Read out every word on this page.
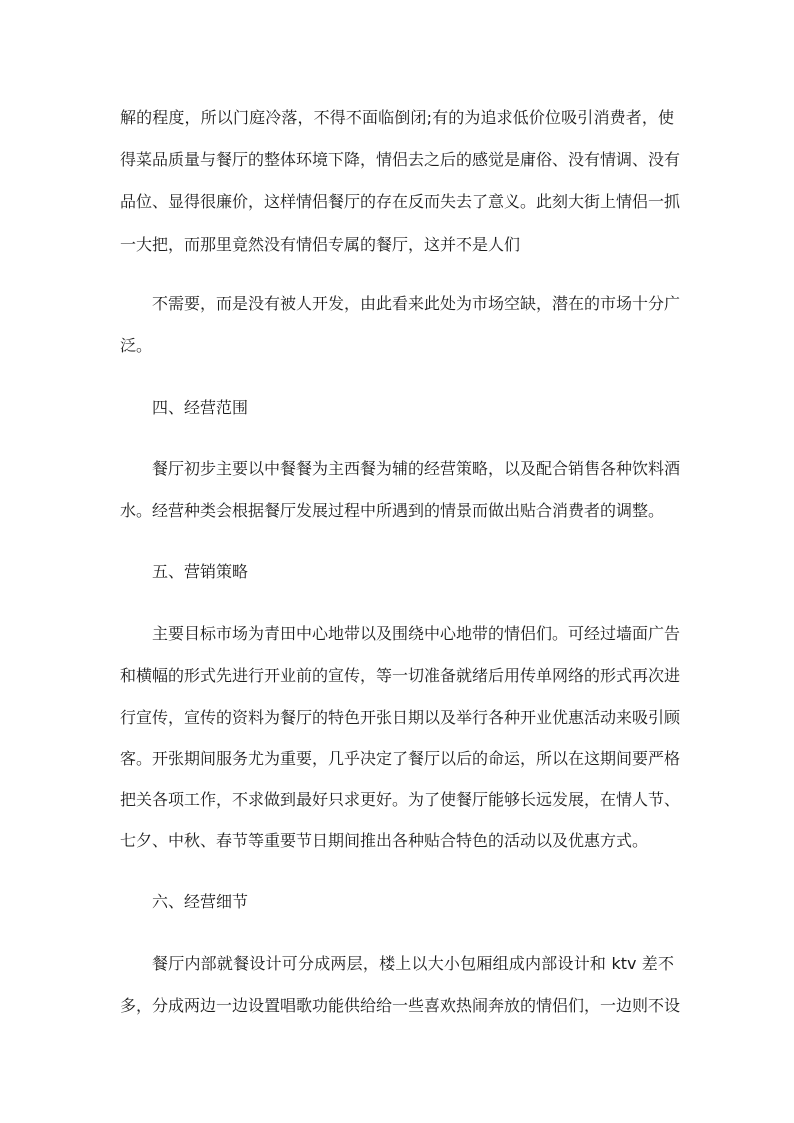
解的程度，所以门庭冷落，不得不面临倒闭;有的为追求低价位吸引消费者，使

得菜品质量与餐厅的整体环境下降，情侣去之后的感觉是庸俗、没有情调、没有

品位、显得很廉价，这样情侣餐厅的存在反而失去了意义。此刻大街上情侣一抓

一大把，而那里竟然没有情侣专属的餐厅，这并不是人们

不需要，而是没有被人开发，由此看来此处为市场空缺，潜在的市场十分广

泛。

四、经营范围

餐厅初步主要以中餐餐为主西餐为辅的经营策略，以及配合销售各种饮料酒

水。经营种类会根据餐厅发展过程中所遇到的情景而做出贴合消费者的调整。

五、营销策略

主要目标市场为青田中心地带以及围绕中心地带的情侣们。可经过墙面广告

和横幅的形式先进行开业前的宣传，等一切准备就绪后用传单网络的形式再次进

行宣传，宣传的资料为餐厅的特色开张日期以及举行各种开业优惠活动来吸引顾

客。开张期间服务尤为重要，几乎决定了餐厅以后的命运，所以在这期间要严格

把关各项工作，不求做到最好只求更好。为了使餐厅能够长远发展，在情人节、

七夕、中秋、春节等重要节日期间推出各种贴合特色的活动以及优惠方式。

六、经营细节

餐厅内部就餐设计可分成两层，楼上以大小包厢组成内部设计和 ktv 差不

多，分成两边一边设置唱歌功能供给给一些喜欢热闹奔放的情侣们，一边则不设
